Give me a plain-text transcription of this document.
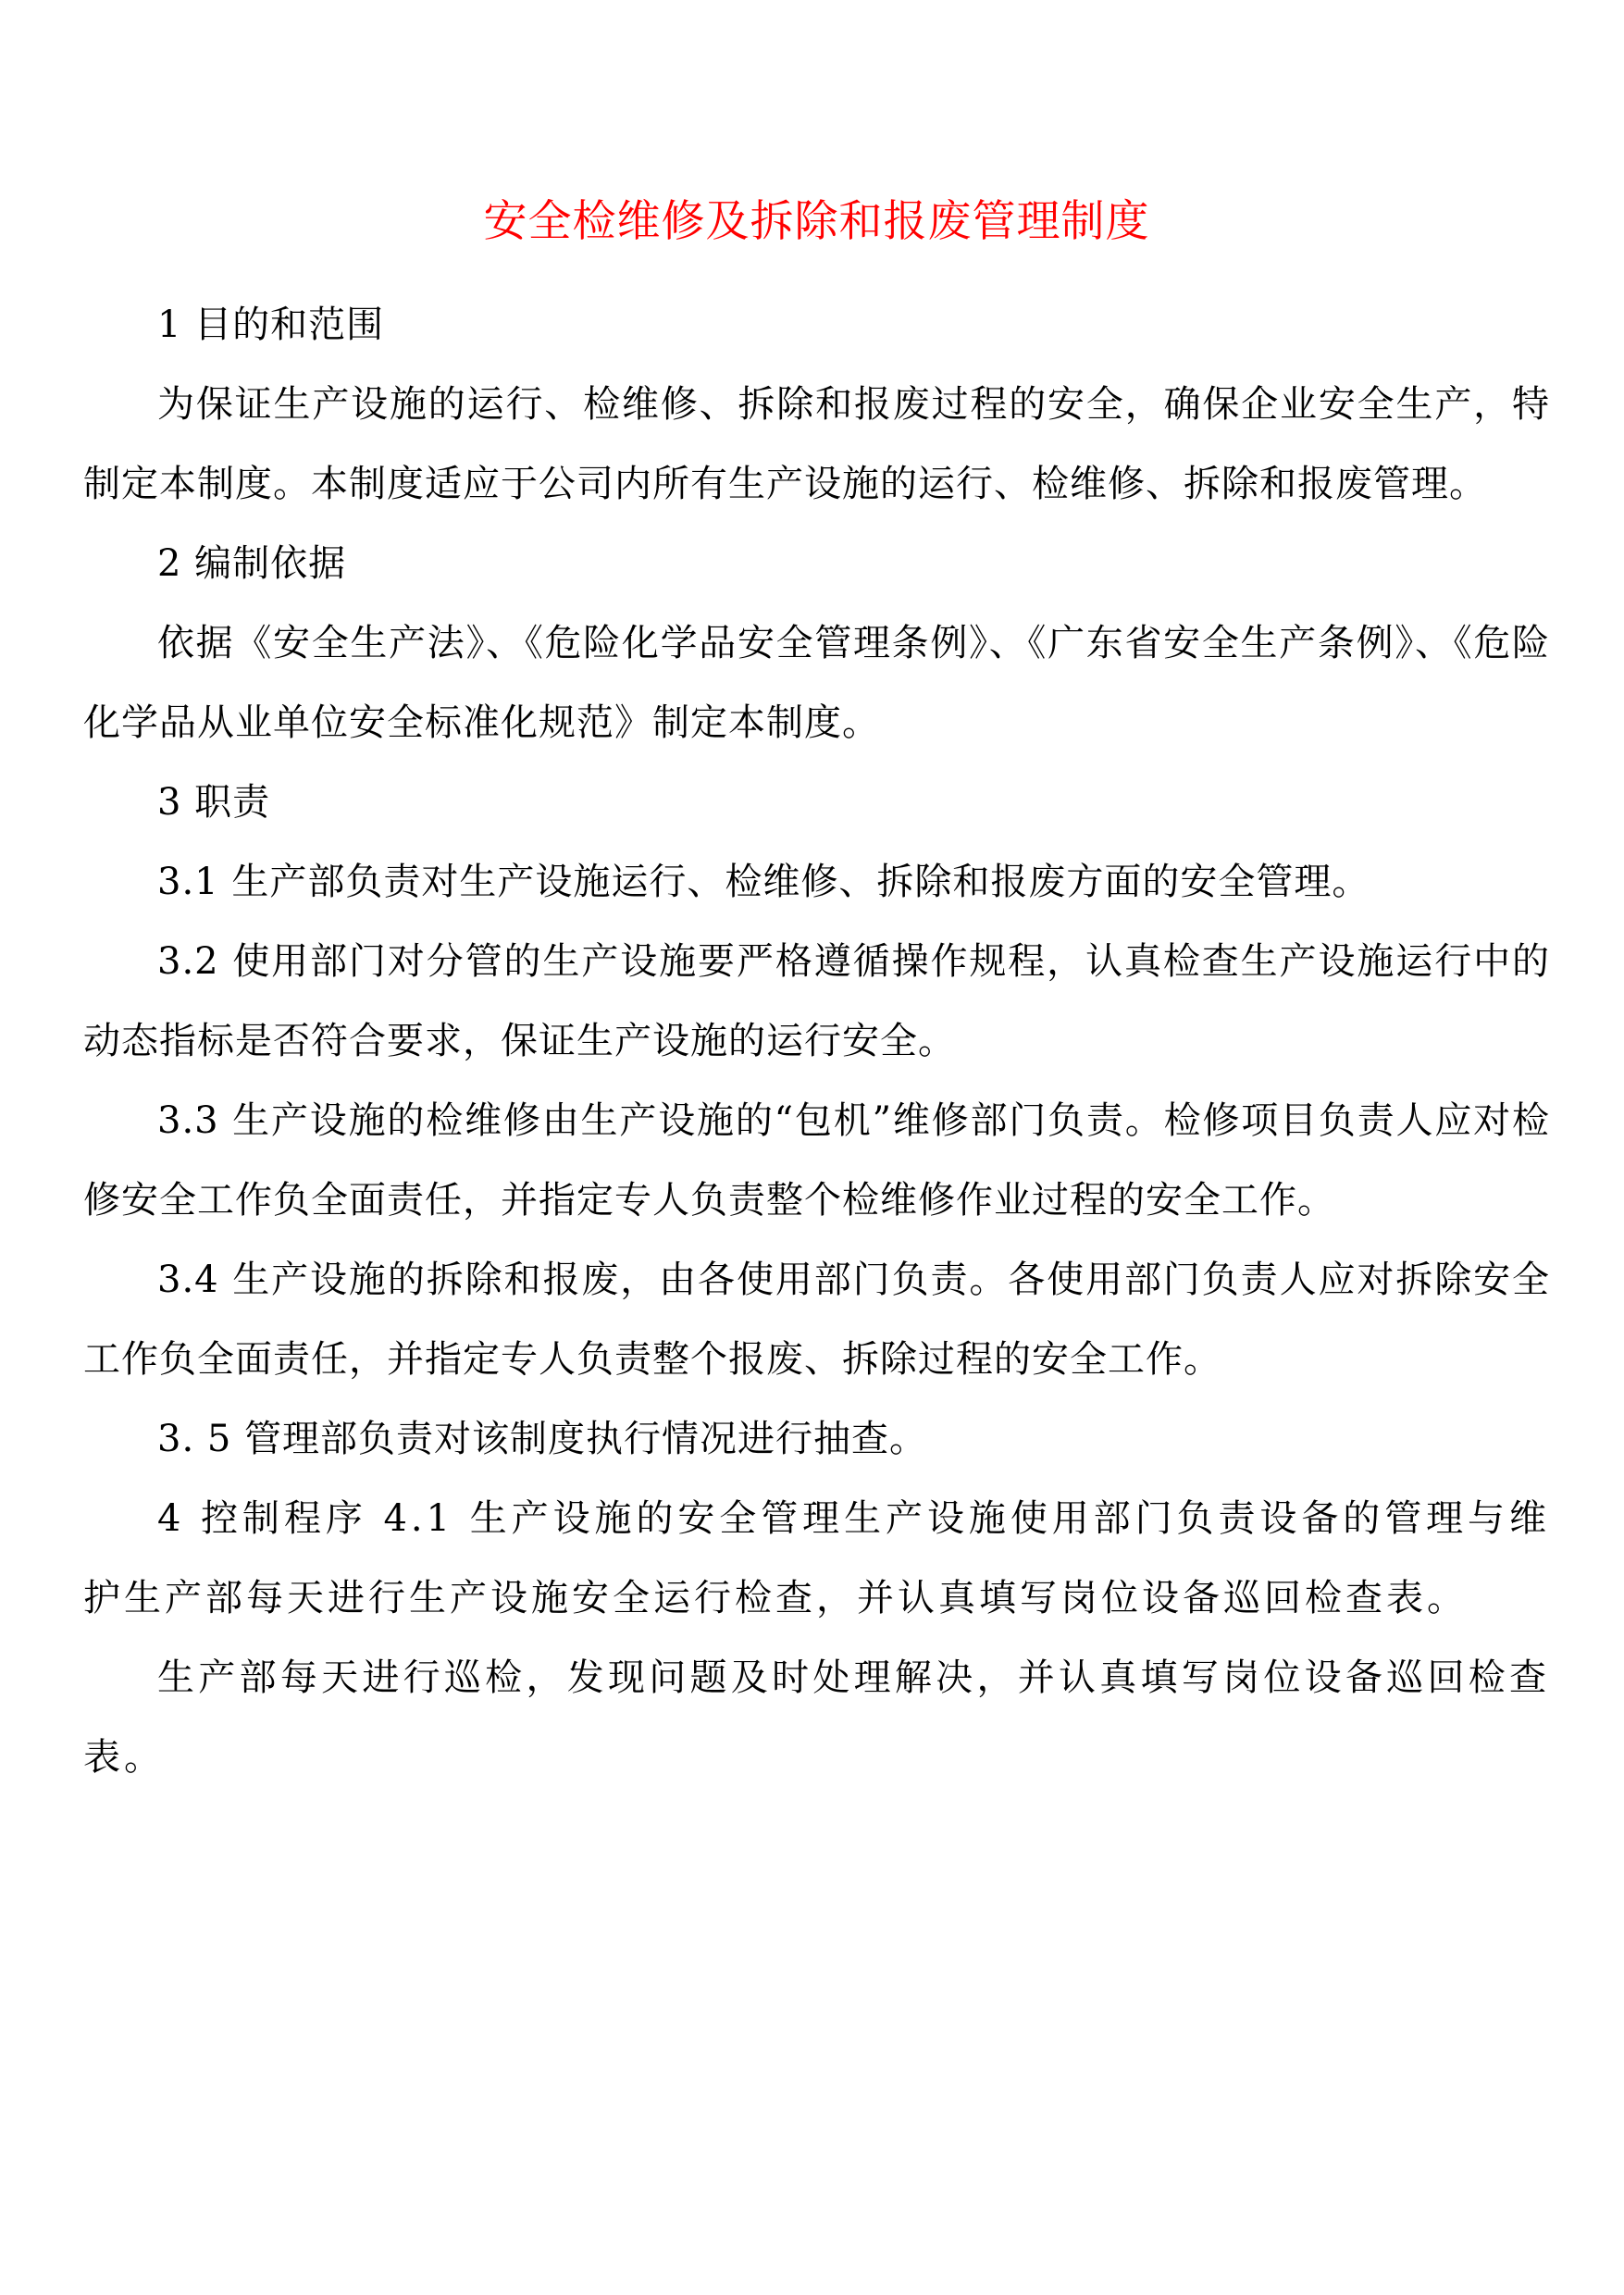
安全检维修及拆除和报废管理制度

1 目的和范围

为保证生产设施的运行、检维修、拆除和报废过程的安全，确保企业安全生产，特制定本制度。本制度适应于公司内所有生产设施的运行、检维修、拆除和报废管理。

2 编制依据

依据《安全生产法》、《危险化学品安全管理条例》、《广东省安全生产条例》、《危险化学品从业单位安全标准化规范》制定本制度。

3 职责

3.1 生产部负责对生产设施运行、检维修、拆除和报废方面的安全管理。

3.2 使用部门对分管的生产设施要严格遵循操作规程，认真检查生产设施运行中的动态指标是否符合要求，保证生产设施的运行安全。

3.3 生产设施的检维修由生产设施的“包机”维修部门负责。检修项目负责人应对检修安全工作负全面责任，并指定专人负责整个检维修作业过程的安全工作。

3.4 生产设施的拆除和报废，由各使用部门负责。各使用部门负责人应对拆除安全工作负全面责任，并指定专人负责整个报废、拆除过程的安全工作。

3. 5 管理部负责对该制度执行情况进行抽查。

4 控制程序 4.1 生产设施的安全管理生产设施使用部门负责设备的管理与维护生产部每天进行生产设施安全运行检查，并认真填写岗位设备巡回检查表。

生产部每天进行巡检，发现问题及时处理解决，并认真填写岗位设备巡回检查表。
